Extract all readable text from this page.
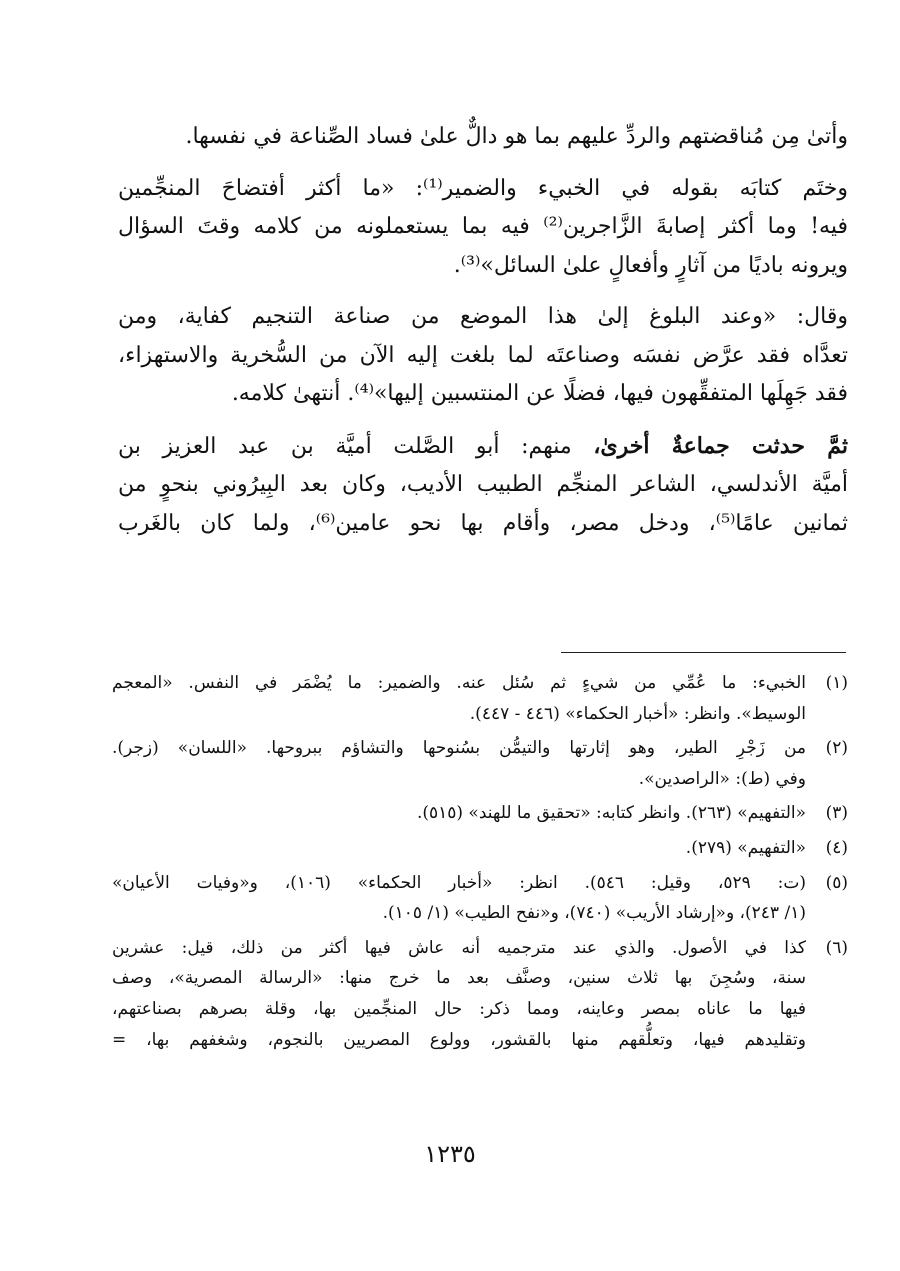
وأتىٰ مِن مُناقضتهم والردِّ عليهم بما هو دالٌّ علىٰ فساد الصِّناعة في نفسها.

وختَم كتابَه بقوله في الخبيء والضمير⁽¹⁾: «ما أكثر أفتضاحَ المنجِّمين
فيه! وما أكثر إصابةَ الزَّاجرين⁽²⁾ فيه بما يستعملونه من كلامه وقتَ السؤال
ويرونه باديًا من آثارٍ وأفعالٍ علىٰ السائل»⁽³⁾.

وقال: «وعند البلوغ إلىٰ هذا الموضع من صناعة التنجيم كفاية، ومن
تعدَّاه فقد عرَّض نفسَه وصناعتَه لما بلغت إليه الآن من السُّخرية والاستهزاء،
فقد جَهِلَها المتفقِّهون فيها، فضلًا عن المنتسبين إليها»⁽⁴⁾. أنتهىٰ كلامه.

ثمَّ حدثت جماعةٌ أخرىٰ، منهم: أبو الصَّلت أميَّة بن عبد العزيز بن
أميَّة الأندلسي، الشاعر المنجِّم الطبيب الأديب، وكان بعد البِيرُوني بنحوٍ من
ثمانين عامًا⁽⁵⁾، ودخل مصر، وأقام بها نحو عامين⁽⁶⁾، ولما كان بالغَرب

(١)
الخبيء: ما عُمِّي من شيءٍ ثم سُئل عنه. والضمير: ما يُضْمَر في النفس. «المعجم
الوسيط». وانظر: «أخبار الحكماء» (٤٤٦ - ٤٤٧).
(٢)
من زَجْرِ الطير، وهو إثارتها والتيمُّن بسُنوحها والتشاؤم ببروحها. «اللسان» (زجر).
وفي (ط): «الراصدين».
(٣)
«التفهيم» (٢٦٣). وانظر كتابه: «تحقيق ما للهند» (٥١٥).
(٤)
«التفهيم» (٢٧٩).
(٥)
(ت: ٥٢٩، وقيل: ٥٤٦). انظر: «أخبار الحكماء» (١٠٦)، و«وفيات الأعيان»
(١/ ٢٤٣)، و«إرشاد الأريب» (٧٤٠)، و«نفح الطيب» (١/ ١٠٥).
(٦)
كذا في الأصول. والذي عند مترجميه أنه عاش فيها أكثر من ذلك، قيل: عشرين
سنة، وسُجِنَ بها ثلاث سنين، وصنَّف بعد ما خرج منها: «الرسالة المصرية»، وصف
فيها ما عاناه بمصر وعاينه، ومما ذكر: حال المنجِّمين بها، وقلة بصرهم بصناعتهم،
وتقليدهم فيها، وتعلُّقهم منها بالقشور، وولوع المصريين بالنجوم، وشغفهم بها، =
١٢٣٥
